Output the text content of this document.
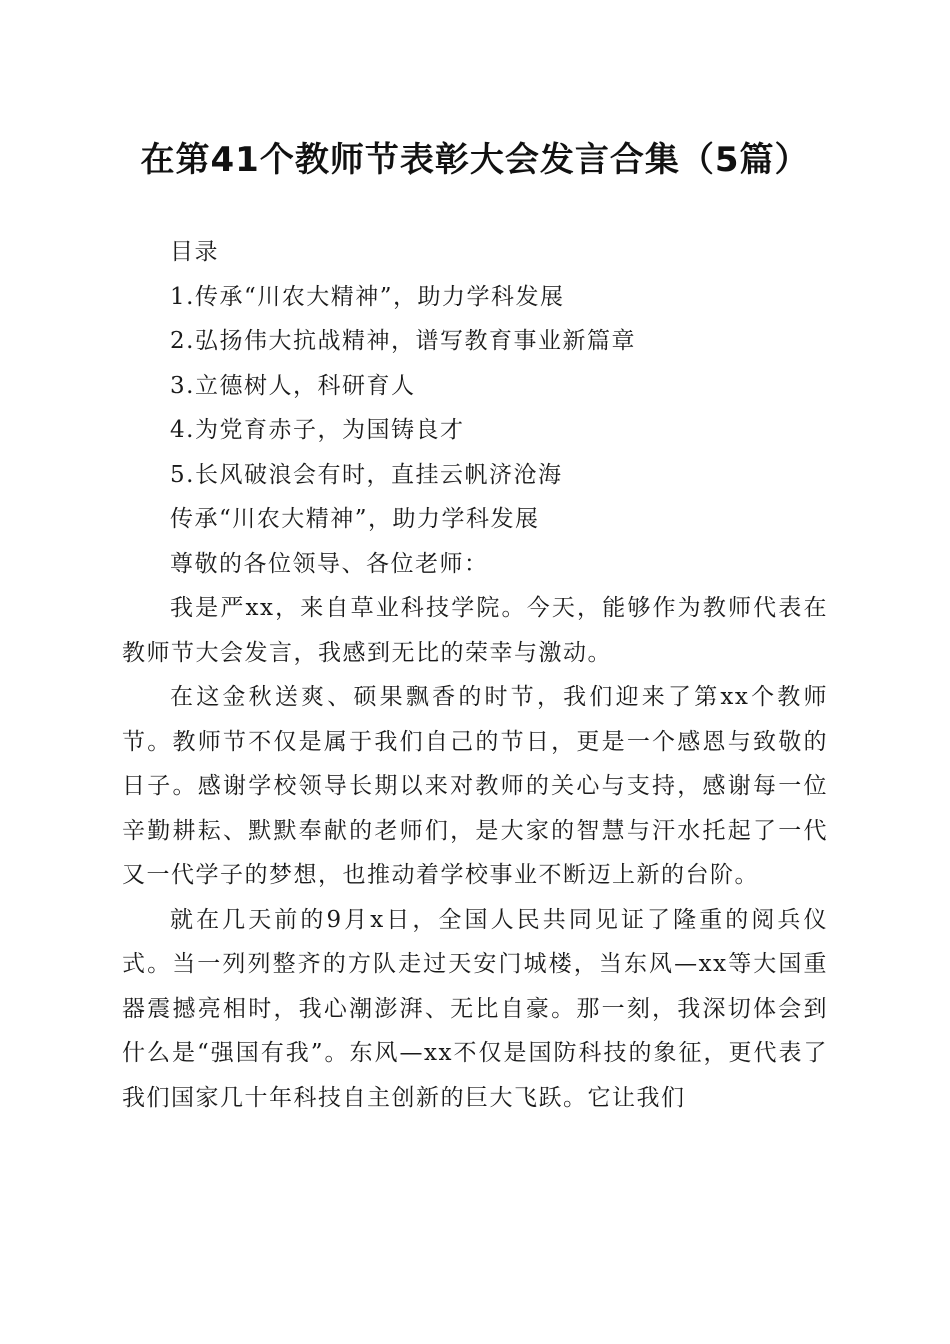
在第41个教师节表彰大会发言合集（5篇）

目录

1.传承“川农大精神”，助力学科发展

2.弘扬伟大抗战精神，谱写教育事业新篇章

3.立德树人，科研育人

4.为党育赤子，为国铸良才

5.长风破浪会有时，直挂云帆济沧海

传承“川农大精神”，助力学科发展

尊敬的各位领导、各位老师：

我是严xx，来自草业科技学院。今天，能够作为教师代表在教师节大会发言，我感到无比的荣幸与激动。

在这金秋送爽、硕果飘香的时节，我们迎来了第xx个教师节。教师节不仅是属于我们自己的节日，更是一个感恩与致敬的日子。感谢学校领导长期以来对教师的关心与支持，感谢每一位辛勤耕耘、默默奉献的老师们，是大家的智慧与汗水托起了一代又一代学子的梦想，也推动着学校事业不断迈上新的台阶。

就在几天前的9月x日，全国人民共同见证了隆重的阅兵仪式。当一列列整齐的方队走过天安门城楼，当东风—xx等大国重器震撼亮相时，我心潮澎湃、无比自豪。那一刻，我深切体会到什么是“强国有我”。东风—xx不仅是国防科技的象征，更代表了我们国家几十年科技自主创新的巨大飞跃。它让我们
